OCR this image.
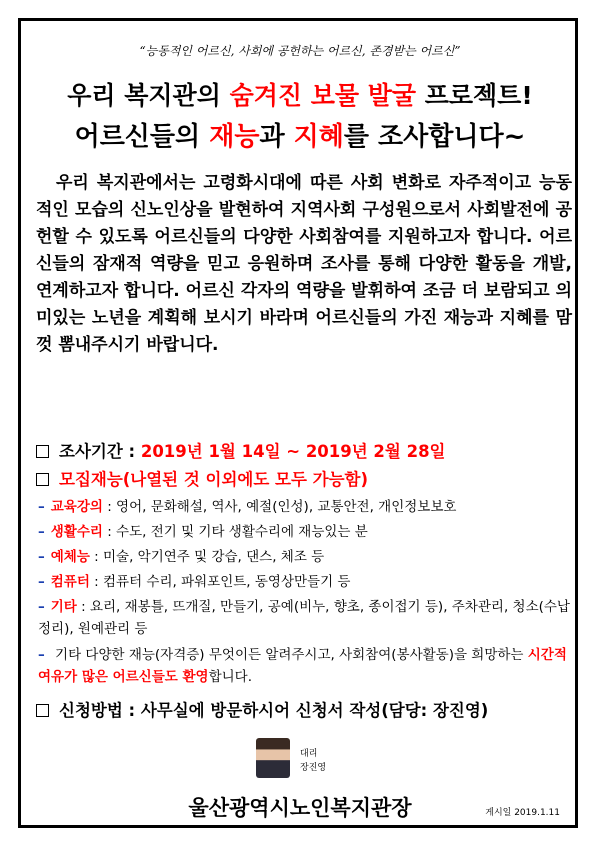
“능동적인 어르신, 사회에 공헌하는 어르신, 존경받는 어르신”
우리 복지관의 숨겨진 보물 발굴 프로젝트!
어르신들의 재능과 지혜를 조사합니다~

우리 복지관에서는 고령화시대에 따른 사회 변화로 자주적이고 능동적인 모습의 신노인상을 발현하여 지역사회 구성원으로서 사회발전에 공헌할 수 있도록 어르신들의 다양한 사회참여를 지원하고자 합니다. 어르신들의 잠재적 역량을 믿고 응원하며 조사를 통해 다양한 활동을 개발, 연계하고자 합니다. 어르신 각자의 역량을 발휘하여 조금 더 보람되고 의미있는 노년을 계획해 보시기 바라며 어르신들의 가진 재능과 지혜를 맘껏 뽐내주시기 바랍니다.

조사기간 : 2019년 1월 14일 ~ 2019년 2월 28일
모집재능(나열된 것 이외에도 모두 가능함)
– 교육강의 : 영어, 문화해설, 역사, 예절(인성), 교통안전, 개인정보보호
– 생활수리 : 수도, 전기 및 기타 생활수리에 재능있는 분
– 예체능 : 미술, 악기연주 및 강습, 댄스, 체조 등
– 컴퓨터 : 컴퓨터 수리, 파워포인트, 동영상만들기 등
– 기타 : 요리, 재봉틀, 뜨개질, 만들기, 공예(비누, 향초, 종이접기 등), 주차관리, 청소(수납정리), 원예관리 등
– 기타 다양한 재능(자격증) 무엇이든 알려주시고, 사회참여(봉사활동)을 희망하는 시간적 여유가 많은 어르신들도 환영합니다.
신청방법 : 사무실에 방문하시어 신청서 작성(담당: 장진영)
대리
장진영
울산광역시노인복지관장	게시일 2019.1.11
